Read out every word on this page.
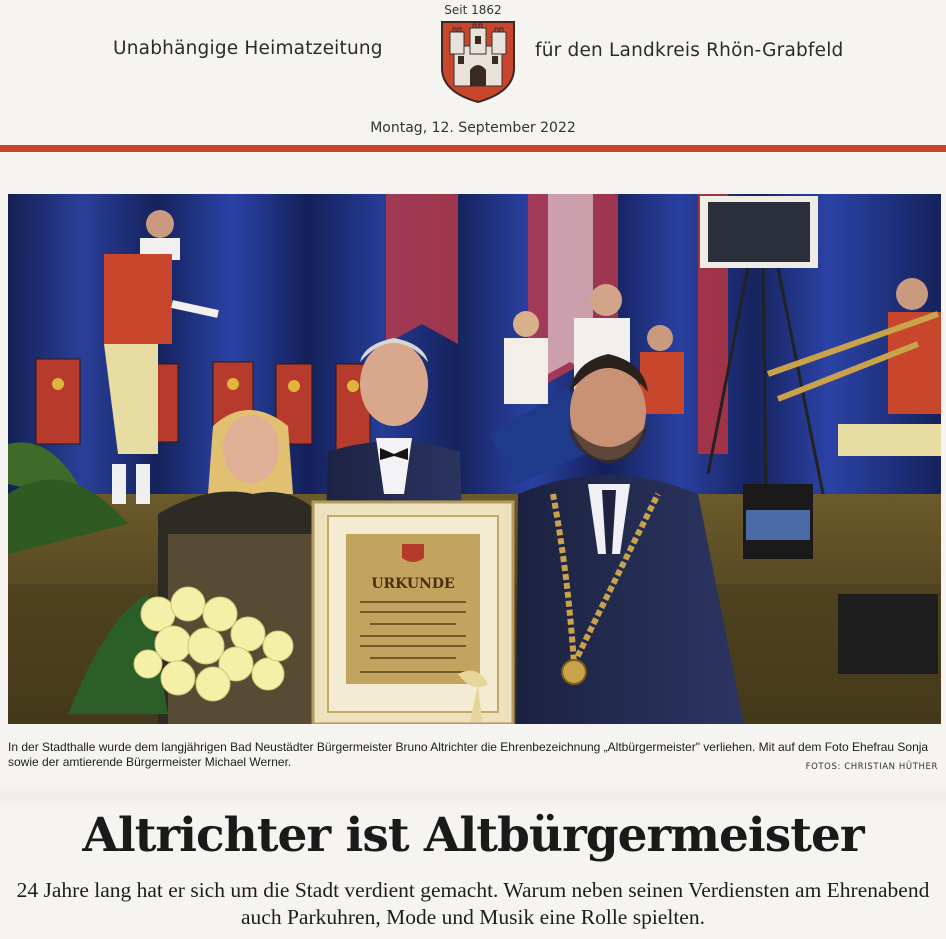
Seit 1862
Unabhängige Heimatzeitung	für den Landkreis Rhön-Grabfeld
Montag, 12. September 2022
URKUNDE
In der Stadthalle wurde dem langjährigen Bad Neustädter Bürgermeister Bruno Altrichter die Ehrenbezeichnung „Altbürgermeister" verliehen. Mit auf dem Foto Ehefrau Sonja sowie der amtierende Bürgermeister Michael Werner.	FOTOS: CHRISTIAN HÜTHER
Altrichter ist Altbürgermeister
24 Jahre lang hat er sich um die Stadt verdient gemacht. Warum neben seinen Verdiensten am Ehrenabend auch Parkuhren, Mode und Musik eine Rolle spielten.
